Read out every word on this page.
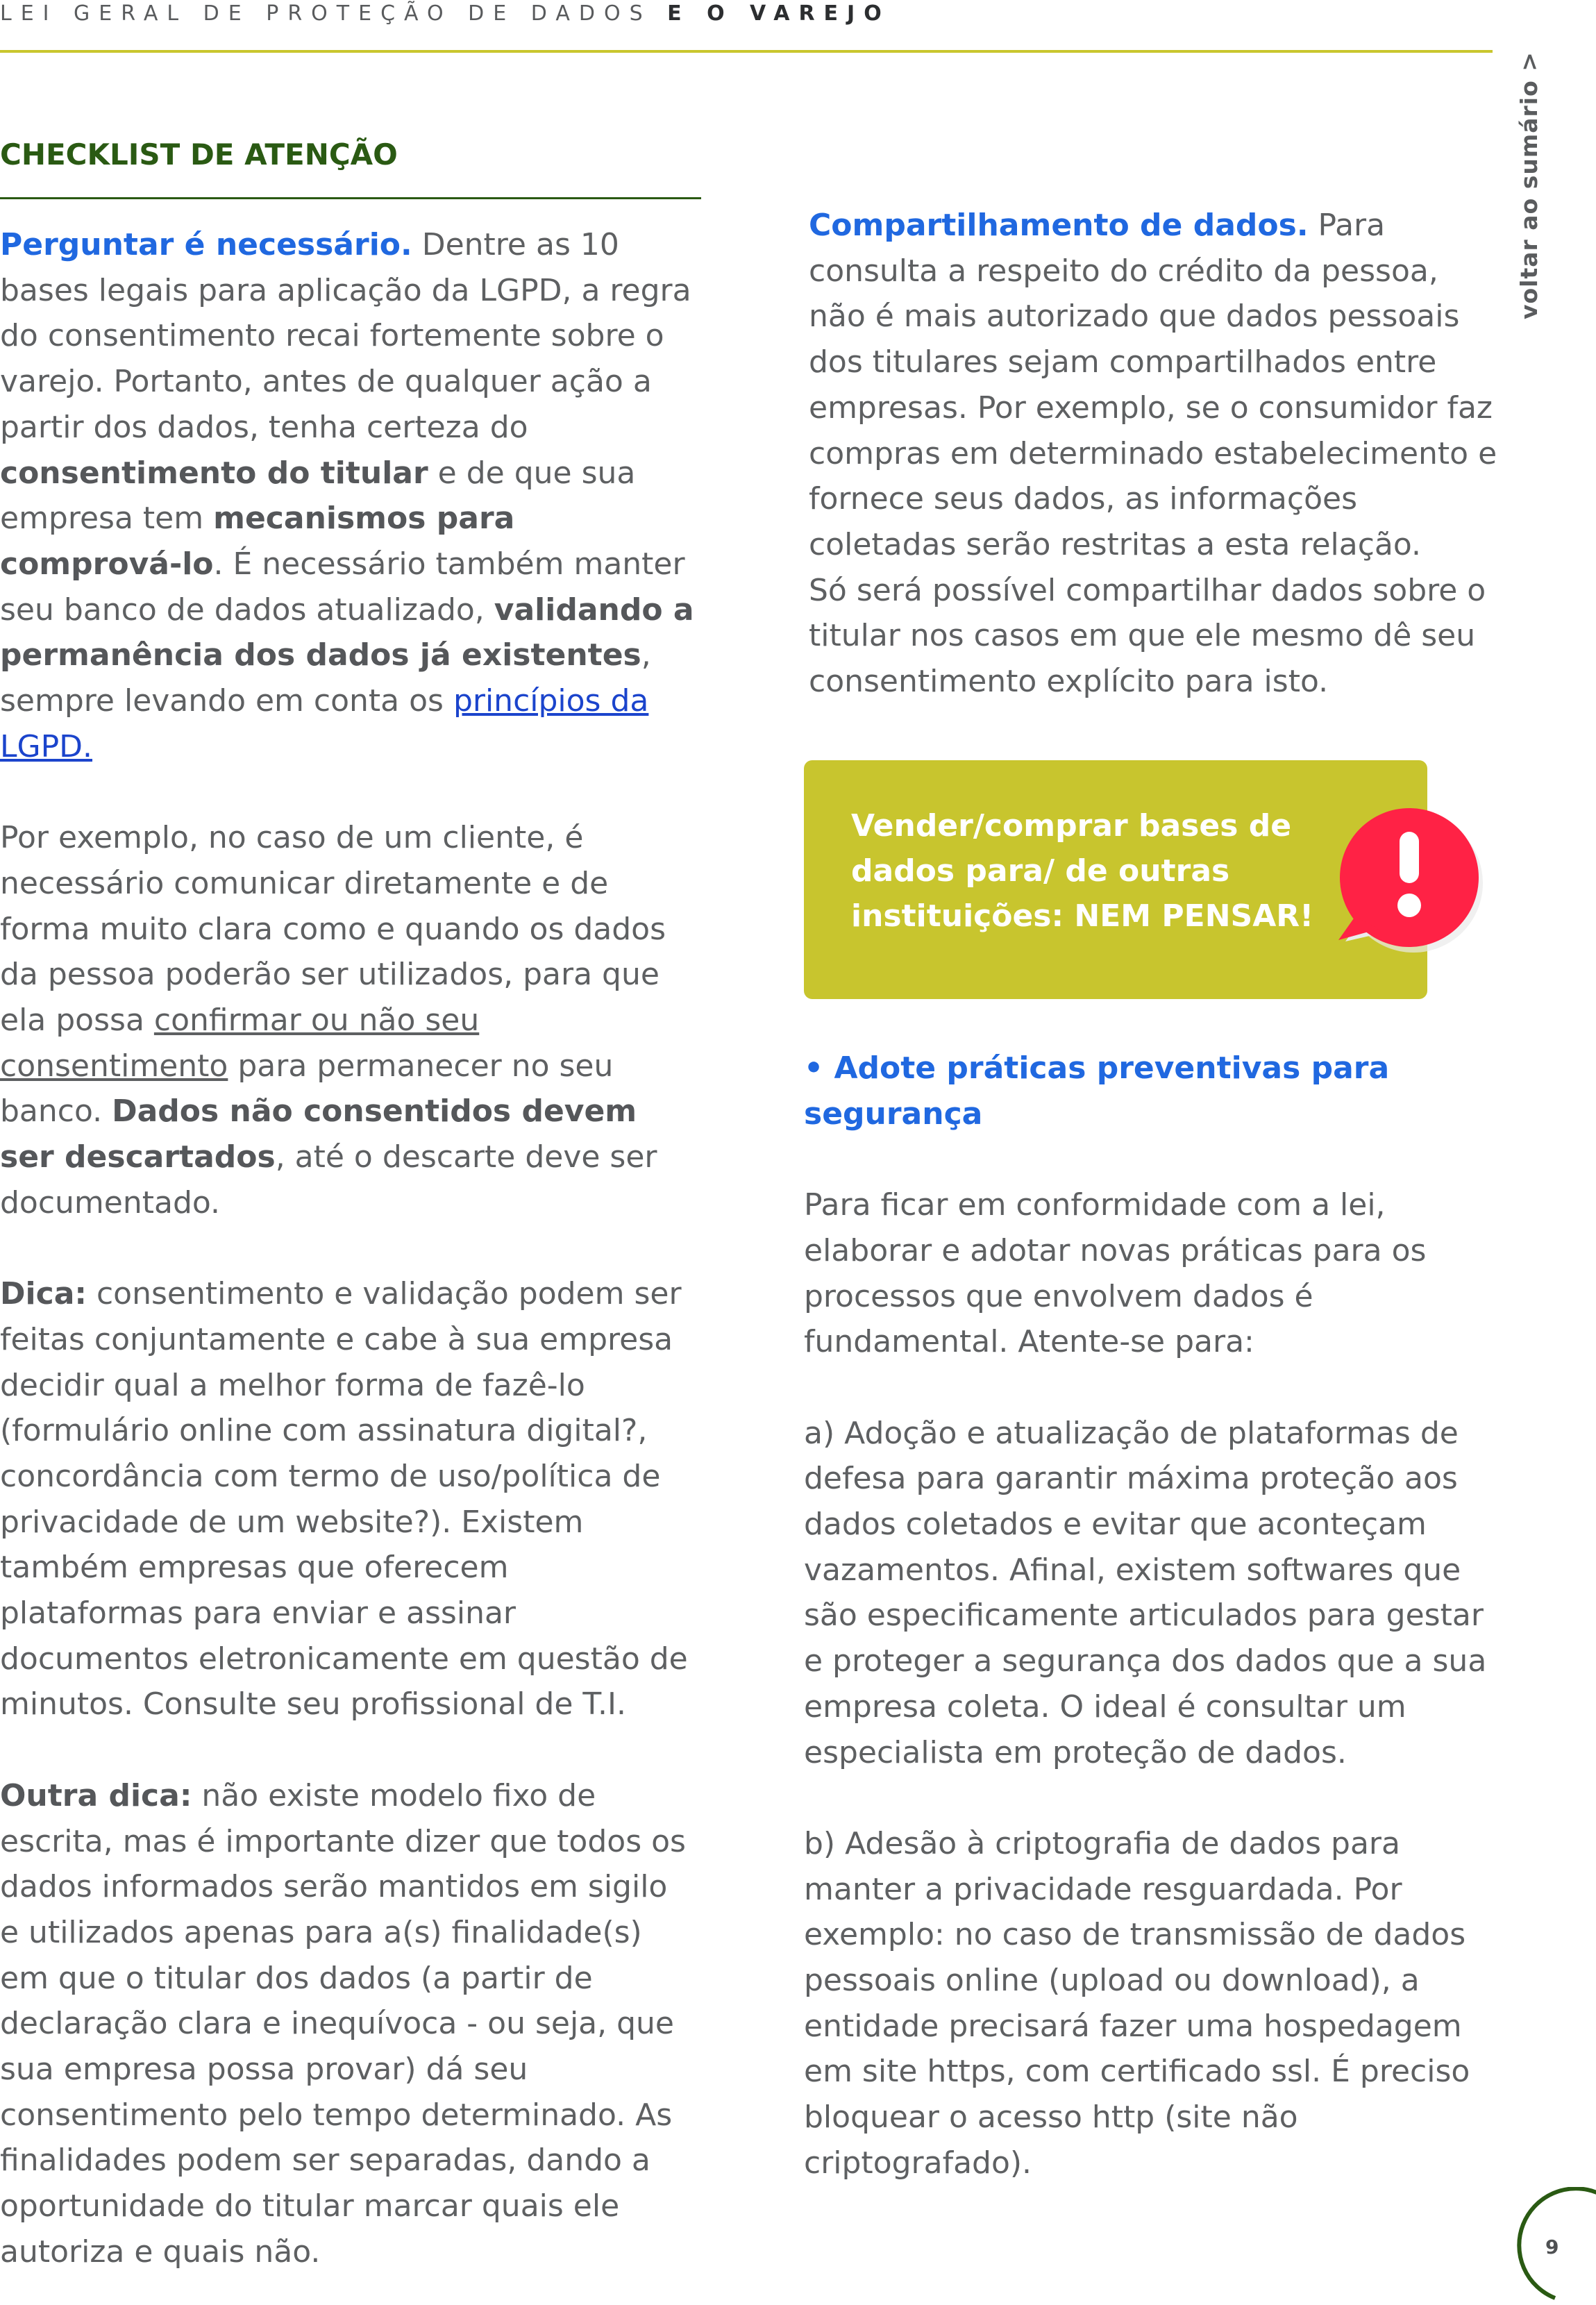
LEI GERAL DE PROTEÇÃO DE DADOS E O VAREJO
voltar ao sumário >
CHECKLIST DE ATENÇÃO

Perguntar é necessário. Dentre as 10 bases legais para aplicação da LGPD, a regra do consentimento recai fortemente sobre o varejo. Portanto, antes de qualquer ação a partir dos dados, tenha certeza do consentimento do titular e de que sua empresa tem mecanismos para comprová-lo. É necessário também manter seu banco de dados atualizado, validando a permanência dos dados já existentes, sempre levando em conta os princípios da LGPD.

Por exemplo, no caso de um cliente, é necessário comunicar diretamente e de forma muito clara como e quando os dados da pessoa poderão ser utilizados, para que ela possa confirmar ou não seu consentimento para permanecer no seu banco. Dados não consentidos devem ser descartados, até o descarte deve ser documentado.

Dica: consentimento e validação podem ser feitas conjuntamente e cabe à sua empresa decidir qual a melhor forma de fazê-lo (formulário online com assinatura digital?, concordância com termo de uso/política de privacidade de um website?). Existem também empresas que oferecem plataformas para enviar e assinar documentos eletronicamente em questão de minutos. Consulte seu profissional de T.I.

Outra dica: não existe modelo fixo de escrita, mas é importante dizer que todos os dados informados serão mantidos em sigilo e utilizados apenas para a(s) finalidade(s) em que o titular dos dados (a partir de declaração clara e inequívoca - ou seja, que sua empresa possa provar) dá seu consentimento pelo tempo determinado. As finalidades podem ser separadas, dando a oportunidade do titular marcar quais ele autoriza e quais não.

Compartilhamento de dados. Para consulta a respeito do crédito da pessoa, não é mais autorizado que dados pessoais dos titulares sejam compartilhados entre empresas. Por exemplo, se o consumidor faz compras em determinado estabelecimento e fornece seus dados, as informações coletadas serão restritas a esta relação.

Só será possível compartilhar dados sobre o titular nos casos em que ele mesmo dê seu consentimento explícito para isto.

Vender/comprar bases de dados para/ de outras instituições: NEM PENSAR!

• Adote práticas preventivas para segurança

Para ficar em conformidade com a lei, elaborar e adotar novas práticas para os processos que envolvem dados é fundamental. Atente-se para:

a) Adoção e atualização de plataformas de defesa para garantir máxima proteção aos dados coletados e evitar que aconteçam vazamentos. Afinal, existem softwares que são especificamente articulados para gestar e proteger a segurança dos dados que a sua empresa coleta. O ideal é consultar um especialista em proteção de dados.

b) Adesão à criptografia de dados para manter a privacidade resguardada. Por exemplo: no caso de transmissão de dados pessoais online (upload ou download), a entidade precisará fazer uma hospedagem em site https, com certificado ssl. É preciso bloquear o acesso http (site não criptografado).

9
